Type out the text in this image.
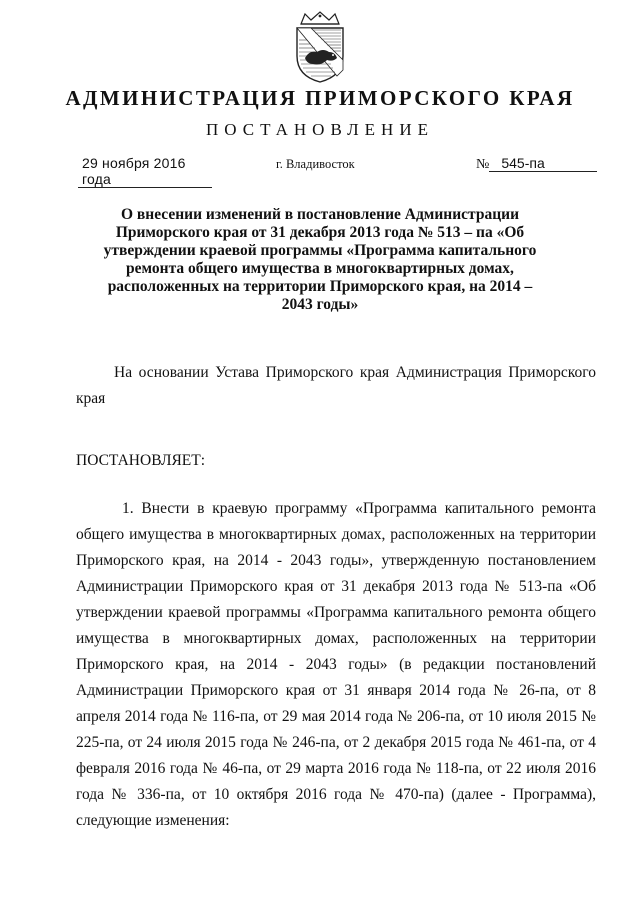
АДМИНИСТРАЦИЯ ПРИМОРСКОГО КРАЯ
ПОСТАНОВЛЕНИЕ
29 ноября 2016 года
г. Владивосток	№ 545-па

О внесении изменений в постановление Администрации Приморского края от 31 декабря 2013 года № 513 – па «Об утверждении краевой программы «Программа капитального ремонта общего имущества в многоквартирных домах, расположенных на территории Приморского края, на 2014 – 2043 годы»

На основании Устава Приморского края Администрация Приморского края

ПОСТАНОВЛЯЕТ:

1. Внести в краевую программу «Программа капитального ремонта общего имущества в многоквартирных домах, расположенных на территории Приморского края, на 2014 - 2043 годы», утвержденную постановлением Администрации Приморского края от 31 декабря 2013 года № 513-па «Об утверждении краевой программы «Программа капитального ремонта общего имущества в многоквартирных домах, расположенных на территории Приморского края, на 2014 - 2043 годы» (в редакции постановлений Администрации Приморского края от 31 января 2014 года № 26-па, от 8 апреля 2014 года № 116-па, от 29 мая 2014 года № 206-па, от 10 июля 2015 № 225-па, от 24 июля 2015 года № 246-па, от 2 декабря 2015 года № 461-па, от 4 февраля 2016 года № 46-па, от 29 марта 2016 года № 118-па, от 22 июля 2016 года № 336-па, от 10 октября 2016 года № 470-па) (далее - Программа), следующие изменения:
